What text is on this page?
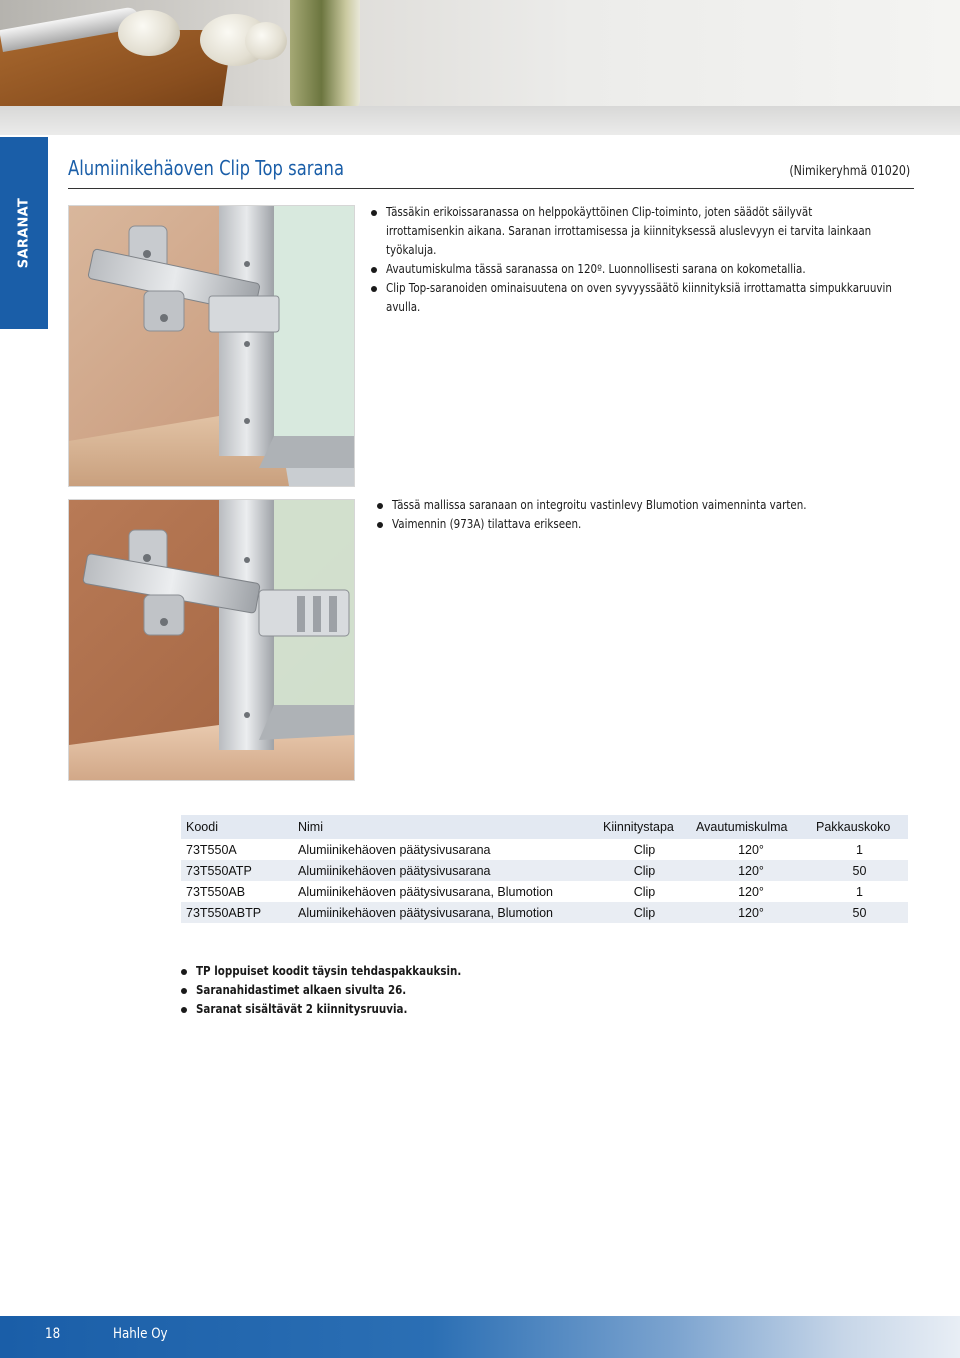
SARANAT
Alumiinikehäoven Clip Top sarana	(Nimikeryhmä 01020)
Tässäkin erikoissaranassa on helppokäyttöinen Clip-toiminto, joten säädöt säilyvät irrottamisenkin aikana. Saranan irrottamisessa ja kiinnityksessä aluslevyyn ei tarvita lainkaan työkaluja.
Avautumiskulma tässä saranassa on 120º. Luonnollisesti sarana on kokometallia.
Clip Top-saranoiden ominaisuutena on oven syvyyssäätö kiinnityksiä irrottamatta simpukkaruuvin avulla.
Tässä mallissa saranaan on integroitu vastinlevy Blumotion vaimenninta varten.
Vaimennin (973A) tilattava erikseen.
Koodi	Nimi	Kiinnitystapa	Avautumiskulma	Pakkauskoko
73T550A	Alumiinikehäoven päätysivusarana	Clip	120°	1
73T550ATP	Alumiinikehäoven päätysivusarana	Clip	120°	50
73T550AB	Alumiinikehäoven päätysivusarana, Blumotion	Clip	120°	1
73T550ABTP	Alumiinikehäoven päätysivusarana, Blumotion	Clip	120°	50
TP loppuiset koodit täysin tehdaspakkauksin.
Saranahidastimet alkaen sivulta 26.
Saranat sisältävät 2 kiinnitysruuvia.
18	Hahle Oy
